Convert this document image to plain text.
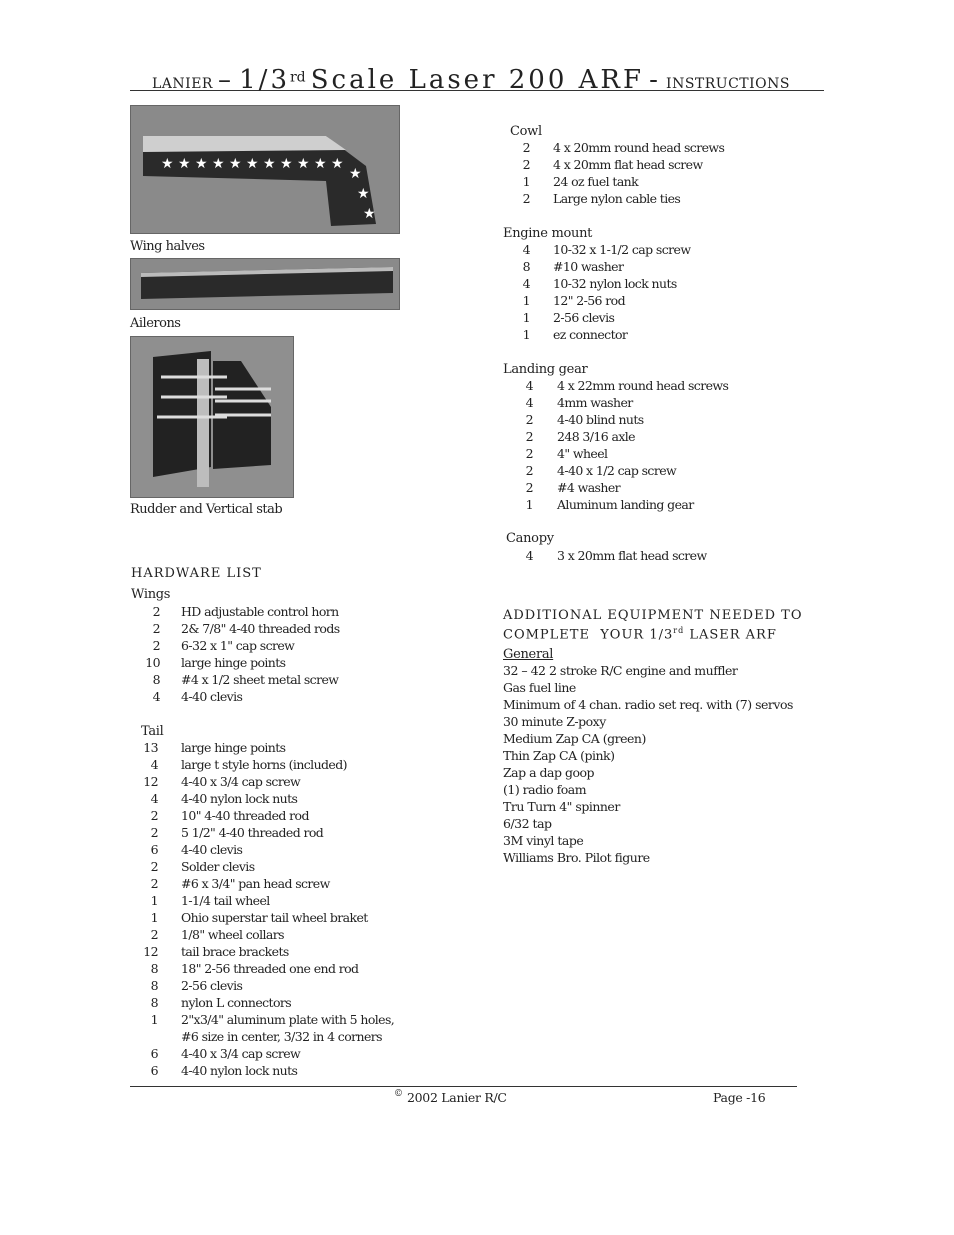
LANIER – 1/3rd Scale Laser 200 ARF - INSTRUCTIONS
★ ★ ★ ★ ★ ★ ★ ★ ★ ★ ★
★
★
★
Wing halves
Ailerons
Rudder and Vertical stab
HARDWARE LIST
Wings
2 HD adjustable control horn
2 2& 7/8" 4-40 threaded rods
2 6-32 x 1" cap screw
10 large hinge points
8 #4 x 1/2 sheet metal screw
4 4-40 clevis
Tail
13 large hinge points
4 large t style horns (included)
12 4-40 x 3/4 cap screw
4 4-40 nylon lock nuts
2 10" 4-40 threaded rod
2 5 1/2" 4-40 threaded rod
6 4-40 clevis
2 Solder clevis
2 #6 x 3/4" pan head screw
1 1-1/4 tail wheel
1 Ohio superstar tail wheel braket
2 1/8" wheel collars
12 tail brace brackets
8 18" 2-56 threaded one end rod
8 2-56 clevis
8 nylon L connectors
1 2"x3/4" aluminum plate with 5 holes,
#6 size in center, 3/32 in 4 corners
6 4-40 x 3/4 cap screw
6 4-40 nylon lock nuts
Cowl
2 4 x 20mm round head screws
2 4 x 20mm flat head screw
1 24 oz fuel tank
2 Large nylon cable ties
Engine mount
4 10-32 x 1-1/2 cap screw
8 #10 washer
4 10-32 nylon lock nuts
1 12" 2-56 rod
1 2-56 clevis
1 ez connector
Landing gear
4 4 x 22mm round head screws
4 4mm washer
2 4-40 blind nuts
2 248 3/16 axle
2 4" wheel
2 4-40 x 1/2 cap screw
2 #4 washer
1 Aluminum landing gear
Canopy
4 3 x 20mm flat head screw
ADDITIONAL EQUIPMENT NEEDED TO
COMPLETE  YOUR 1/3rd LASER ARF
General
32 – 42 2 stroke R/C engine and muffler
Gas fuel line
Minimum of 4 chan. radio set req. with (7) servos
30 minute Z-poxy
Medium Zap CA (green)
Thin Zap CA (pink)
Zap a dap goop
(1) radio foam
Tru Turn 4" spinner
6/32 tap
3M vinyl tape
Williams Bro. Pilot figure
© 2002 Lanier R/C	Page -16
